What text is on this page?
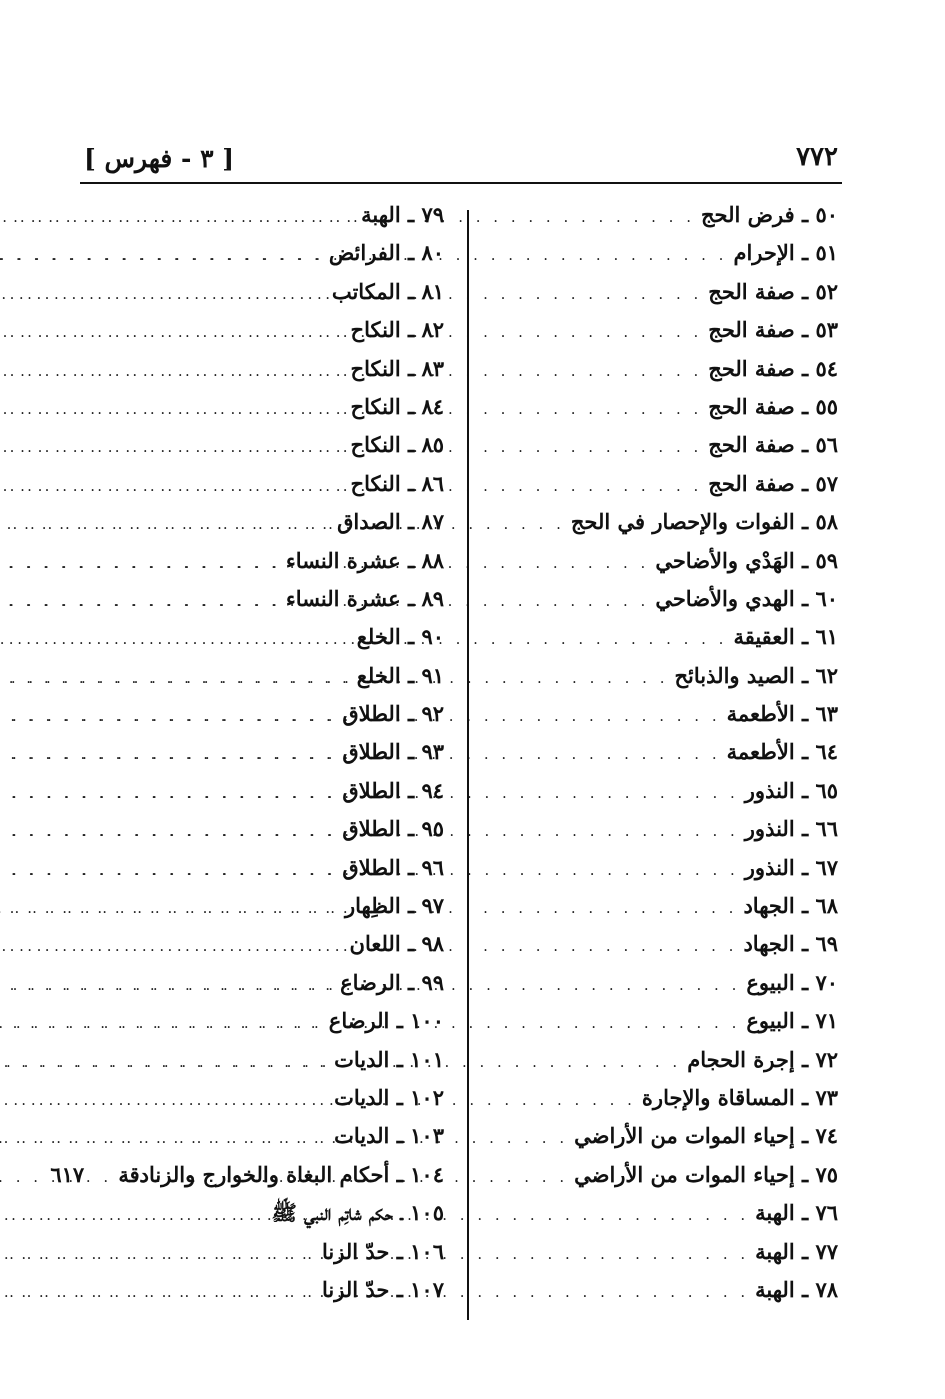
[ ٣ - فهرس ]	٧٧٢
٥٠ ـ فرض الحج
. . .
٥١ ـ الإحرام
. . .
٥٢ ـ صفة الحج
. . .
٥٣ ـ صفة الحج
. . .
٥٤ ـ صفة الحج
. . .
٥٥ ـ صفة الحج
. . .
٥٦ ـ صفة الحج
. . .
٥٧ ـ صفة الحج
. . .
٥٨ ـ الفوات والإحصار في الحج
. . .
٥٩ ـ الهَدْي والأضاحي
. . .
٦٠ ـ الهدي والأضاحي
. . .
٦١ ـ العقيقة
. . .
٦٢ ـ الصيد والذبائح
. . .
٦٣ ـ الأطعمة
. . .
٦٤ ـ الأطعمة
. . .
٦٥ ـ النذور
. . .
٦٦ ـ النذور
. . .
٦٧ ـ النذور
. . .
٦٨ ـ الجهاد
. . .
٦٩ ـ الجهاد
. . .
٧٠ ـ البيوع
. . .
٧١ ـ البيوع
. . .
٧٢ ـ إجرة الحجام
. . .
٧٣ ـ المساقاة والإجارة
. . .
٧٤ ـ إحياء الموات من الأراضي
. . .
٧٥ ـ إحياء الموات من الأراضي
. . .
٧٦ ـ الهبة
. . .
٧٧ ـ الهبة
. . .
٧٨ ـ الهبة
. . .
٧٩ ـ الهبة
. . .
٨٠ ـ الفرائض
. . .
٨١ ـ المكاتب
. . .
٨٢ ـ النكاح
. . .
٨٣ ـ النكاح
. . .
٨٤ ـ النكاح
. . .
٨٥ ـ النكاح
. . .
٨٦ ـ النكاح
. . .
٨٧ ـ الصداق
. . .
٨٨ ـ عشرة النساء
. . .
٨٩ ـ عشرة النساء
. . .
٩٠ ـ الخلع
. . .
٩١ ـ الخلع
. . .
٩٢ ـ الطلاق
. . .
٩٣ ـ الطلاق
. . .
٩٤ ـ الطلاق
. . .
٩٥ ـ الطلاق
. . .
٩٦ ـ الطلاق
. . .
٩٧ ـ الظِهار
. . .
٩٨ ـ اللعان
. . .
٩٩ ـ الرضاع
. . .
١٠٠ ـ الرضاع
. . .
١٠١ ـ الديات
. . .
١٠٢ ـ الديات
. . .
١٠٣ ـ الديات
. . .
١٠٤ ـ أحكام البغاة والخوارج والزنادقة
٦١٧
١٠٥ ـ حكم شاتِم النبي ﷺ
. . .
١٠٦ ـ حدّ الزنا
. . .
١٠٧ ـ حدّ الزنا
. . .
